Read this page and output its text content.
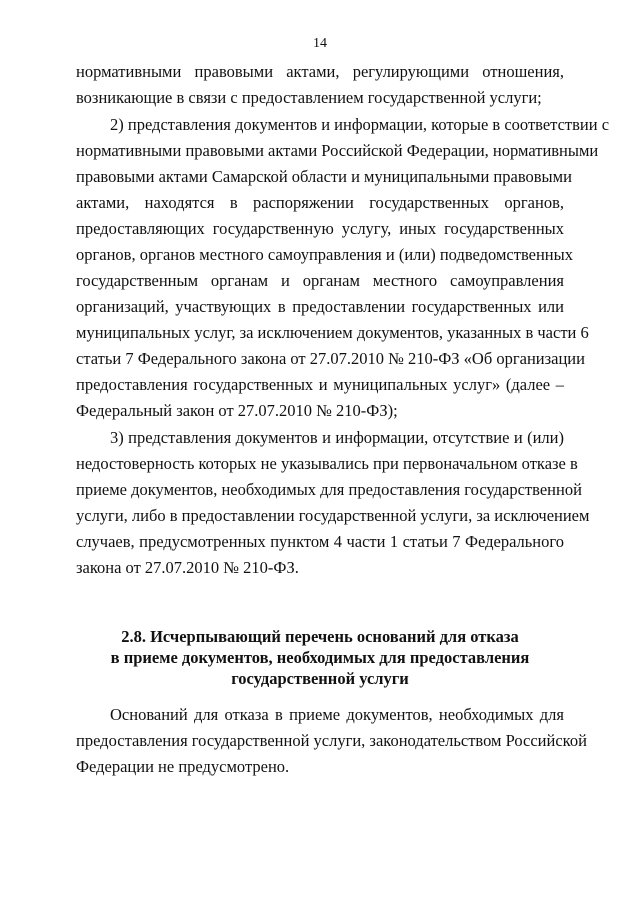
14
нормативными правовыми актами, регулирующими отношения,
возникающие в связи с предоставлением государственной услуги;
2) представления документов и информации, которые в соответствии с
нормативными правовыми актами Российской Федерации, нормативными
правовыми актами Самарской области и муниципальными правовыми
актами, находятся в распоряжении государственных органов,
предоставляющих государственную услугу, иных государственных
органов, органов местного самоуправления и (или) подведомственных
государственным органам и органам местного самоуправления
организаций, участвующих в предоставлении государственных или
муниципальных услуг, за исключением документов, указанных в части 6
статьи 7 Федерального закона от 27.07.2010 № 210-ФЗ «Об организации
предоставления государственных и муниципальных услуг» (далее –
Федеральный закон от 27.07.2010 № 210-ФЗ);
3) представления документов и информации, отсутствие и (или)
недостоверность которых не указывались при первоначальном отказе в
приеме документов, необходимых для предоставления государственной
услуги, либо в предоставлении государственной услуги, за исключением
случаев, предусмотренных пунктом 4 части 1 статьи 7 Федерального
закона от 27.07.2010 № 210-ФЗ.
2.8. Исчерпывающий перечень оснований для отказа
в приеме документов, необходимых для предоставления
государственной услуги
Оснований для отказа в приеме документов, необходимых для
предоставления государственной услуги, законодательством Российской
Федерации не предусмотрено.
